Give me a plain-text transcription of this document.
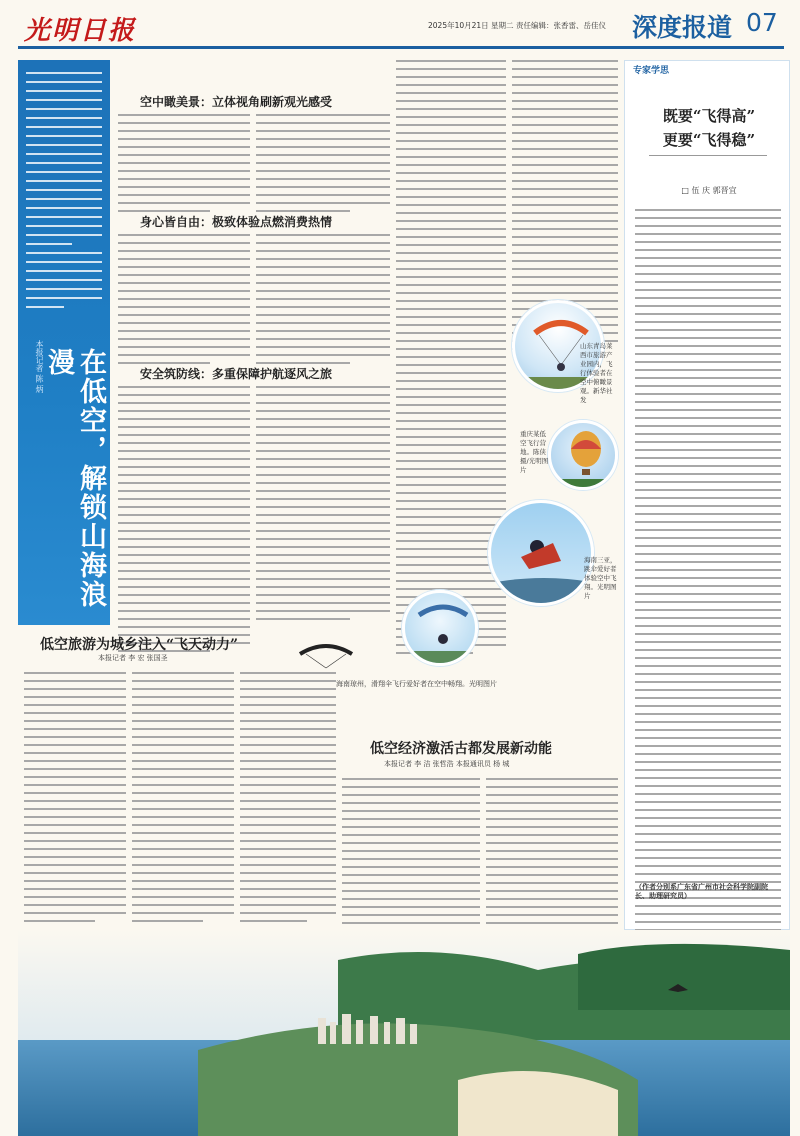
光明日报	2025年10月21日 星期二 责任编辑：张香雷、岳佳仪 深度报道 07
本报记者 陈 炳	在低空，解锁山海浪漫
空中瞰美景：立体视角刷新观光感受
身心皆自由：极致体验点燃消费热情
安全筑防线：多重保障护航逐风之旅
山东青岛莱西市旅游产业园内，飞行体验者在空中俯瞰景观。新华社发
重庆某低空飞行营地。陈侠摄/光明图片
海南三亚，跳伞爱好者体验空中飞翔。光明图片
海南琼州，滑翔伞飞行爱好者在空中畅翔。光明图片
低空旅游为城乡注入“飞天动力”
本报记者 李 宏 张国圣
低空经济激活古都发展新动能
本报记者 李 洁 张哲浩 本报通讯员 杨 城
专家学思
既要“飞得高”
更要“飞得稳”
□ 伍 庆 郭晋宜
（作者分别系广东省广州市社会科学院副院长、助理研究员）
